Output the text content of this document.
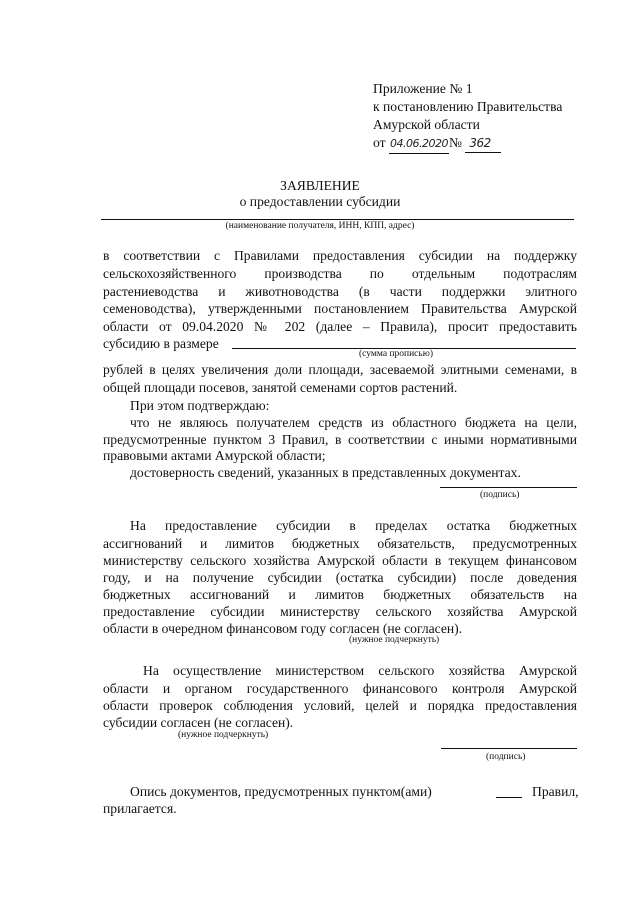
Приложение № 1
к постановлению Правительства
Амурской области
от 04.06.2020№ 362
ЗАЯВЛЕНИЕ
о предоставлении субсидии
(наименование получателя, ИНН, КПП, адрес)
в соответствии с Правилами предоставления субсидии на поддержку
сельскохозяйственного производства по отдельным подотраслям
растениеводства и животноводства (в части поддержки элитного
семеноводства), утвержденными постановлением Правительства Амурской
области от 09.04.2020 № 202 (далее – Правила), просит предоставить
субсидию в размере
(сумма прописью)
рублей в целях увеличения доли площади, засеваемой элитными семенами, в
общей площади посевов, занятой семенами сортов растений.
При этом подтверждаю:
что не являюсь получателем средств из областного бюджета на цели,
предусмотренные пунктом 3 Правил, в соответствии с иными нормативными
правовыми актами Амурской области;
достоверность сведений, указанных в представленных документах.
(подпись)
На предоставление субсидии в пределах остатка бюджетных
ассигнований и лимитов бюджетных обязательств, предусмотренных
министерству сельского хозяйства Амурской области в текущем финансовом
году, и на получение субсидии (остатка субсидии) после доведения
бюджетных ассигнований и лимитов бюджетных обязательств на
предоставление субсидии министерству сельского хозяйства Амурской
области в очередном финансовом году согласен (не согласен).
(нужное подчеркнуть)
На осуществление министерством сельского хозяйства Амурской
области и органом государственного финансового контроля Амурской
области проверок соблюдения условий, целей и порядка предоставления
субсидии согласен (не согласен).
(нужное подчеркнуть)
(подпись)
Опись документов, предусмотренных пунктом(ами)	Правил,
прилагается.
